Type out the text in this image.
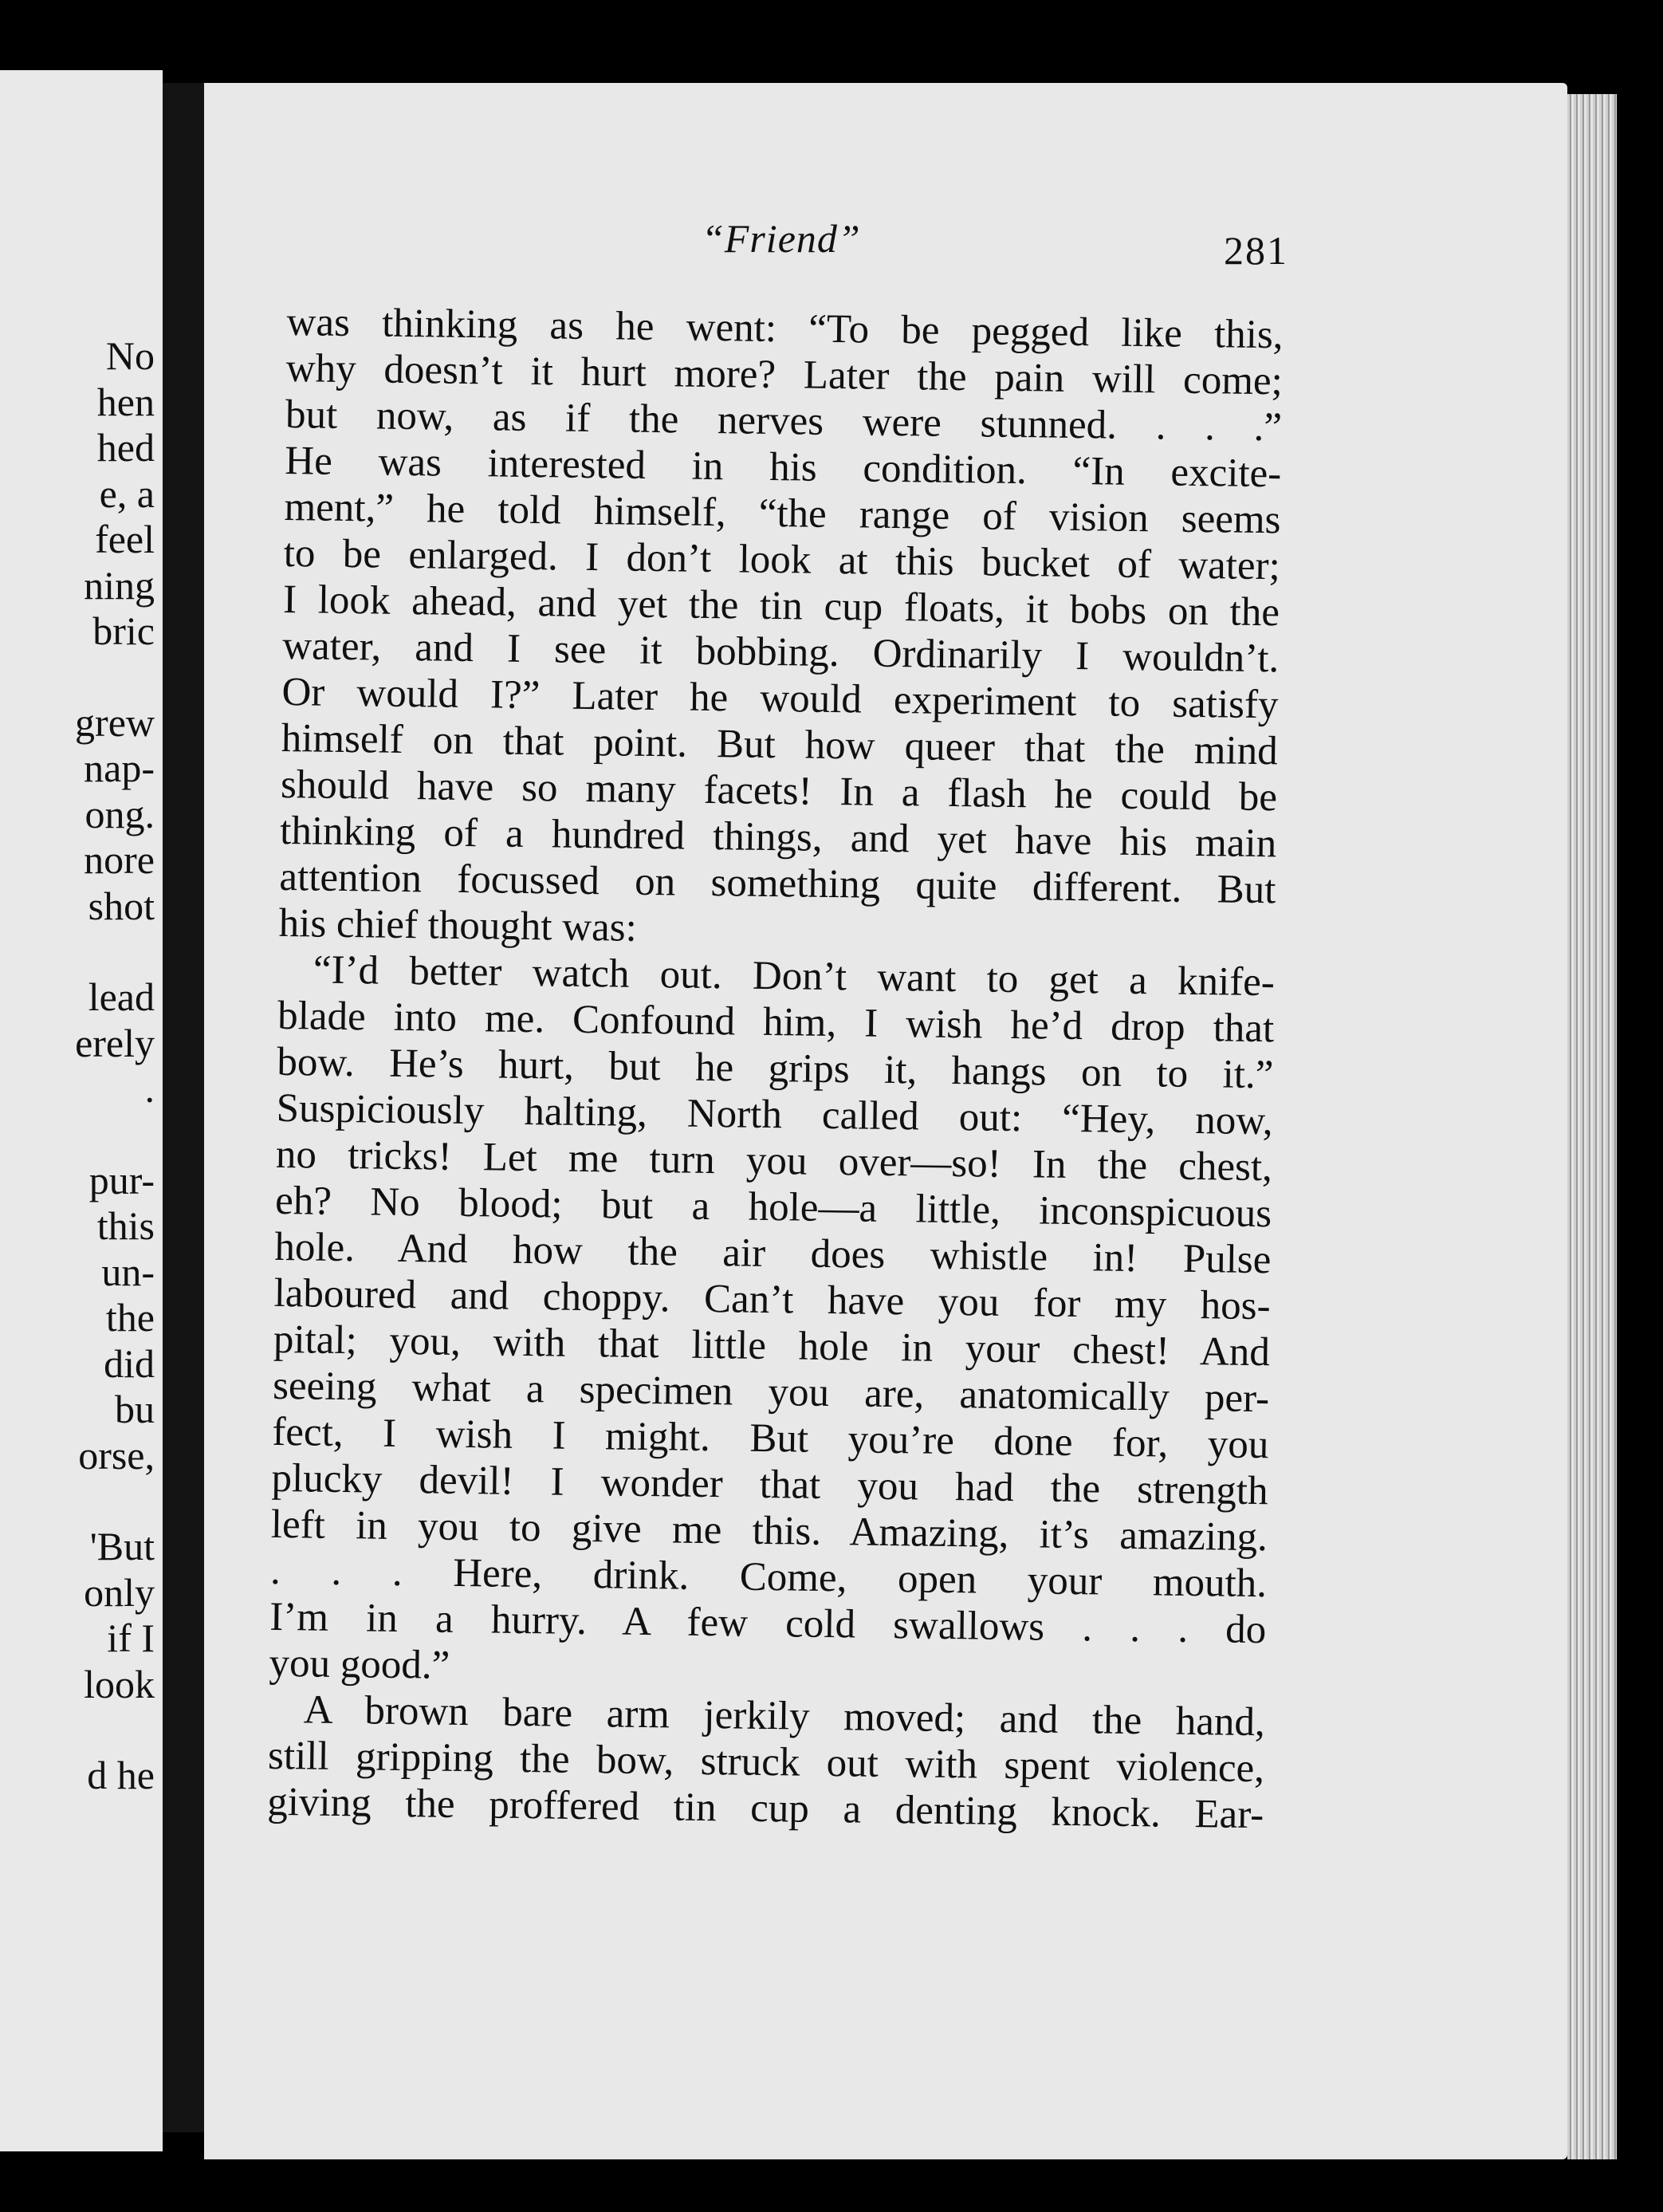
No
hen
hed
e, a
feel
ning
bric

grew
nap-
ong.
nore
shot

lead
erely
.

pur-
this
un-
the
did
bu
orse,

'But
only
if I
look

d he
“Friend”	281
was thinking as he went: “To be pegged like this,
why doesn’t it hurt more? Later the pain will come;
but now, as if the nerves were stunned. . . .”
He was interested in his condition. “In excite-
ment,” he told himself, “the range of vision seems
to be enlarged. I don’t look at this bucket of water;
I look ahead, and yet the tin cup floats, it bobs on the
water, and I see it bobbing. Ordinarily I wouldn’t.
Or would I?” Later he would experiment to satisfy
himself on that point. But how queer that the mind
should have so many facets! In a flash he could be
thinking of a hundred things, and yet have his main
attention focussed on something quite different. But
his chief thought was:
“I’d better watch out. Don’t want to get a knife-
blade into me. Confound him, I wish he’d drop that
bow. He’s hurt, but he grips it, hangs on to it.”
Suspiciously halting, North called out: “Hey, now,
no tricks! Let me turn you over—so! In the chest,
eh? No blood; but a hole—a little, inconspicuous
hole. And how the air does whistle in! Pulse
laboured and choppy. Can’t have you for my hos-
pital; you, with that little hole in your chest! And
seeing what a specimen you are, anatomically per-
fect, I wish I might. But you’re done for, you
plucky devil! I wonder that you had the strength
left in you to give me this. Amazing, it’s amazing.
. . . Here, drink. Come, open your mouth.
I’m in a hurry. A few cold swallows . . . do
you good.”
A brown bare arm jerkily moved; and the hand,
still gripping the bow, struck out with spent violence,
giving the proffered tin cup a denting knock. Ear-
